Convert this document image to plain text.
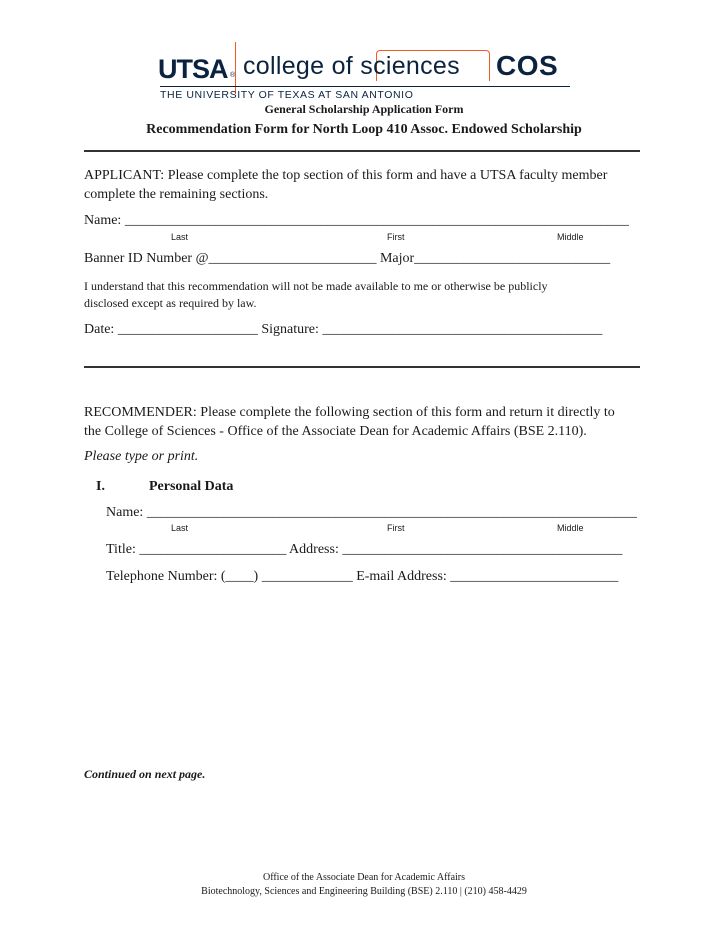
UTSA ® college of sciences COS
THE UNIVERSITY OF TEXAS AT SAN ANTONIO
General Scholarship Application Form
Recommendation Form for North Loop 410 Assoc. Endowed Scholarship
APPLICANT: Please complete the top section of this form and have a UTSA faculty member
complete the remaining sections.
Name: ________________________________________________________________________
Last	First	Middle
Banner ID Number @________________________ Major____________________________
I understand that this recommendation will not be made available to me or otherwise be publicly
disclosed except as required by law.
Date: ____________________ Signature: ________________________________________
RECOMMENDER: Please complete the following section of this form and return it directly to
the College of Sciences - Office of the Associate Dean for Academic Affairs (BSE 2.110).
Please type or print.
I.	Personal Data
Name: ______________________________________________________________________
Last	First	Middle
Title: _____________________ Address: ________________________________________
Telephone Number: (____) _____________ E-mail Address: ________________________
Continued on next page.
Office of the Associate Dean for Academic Affairs
Biotechnology, Sciences and Engineering Building (BSE) 2.110 | (210) 458-4429
